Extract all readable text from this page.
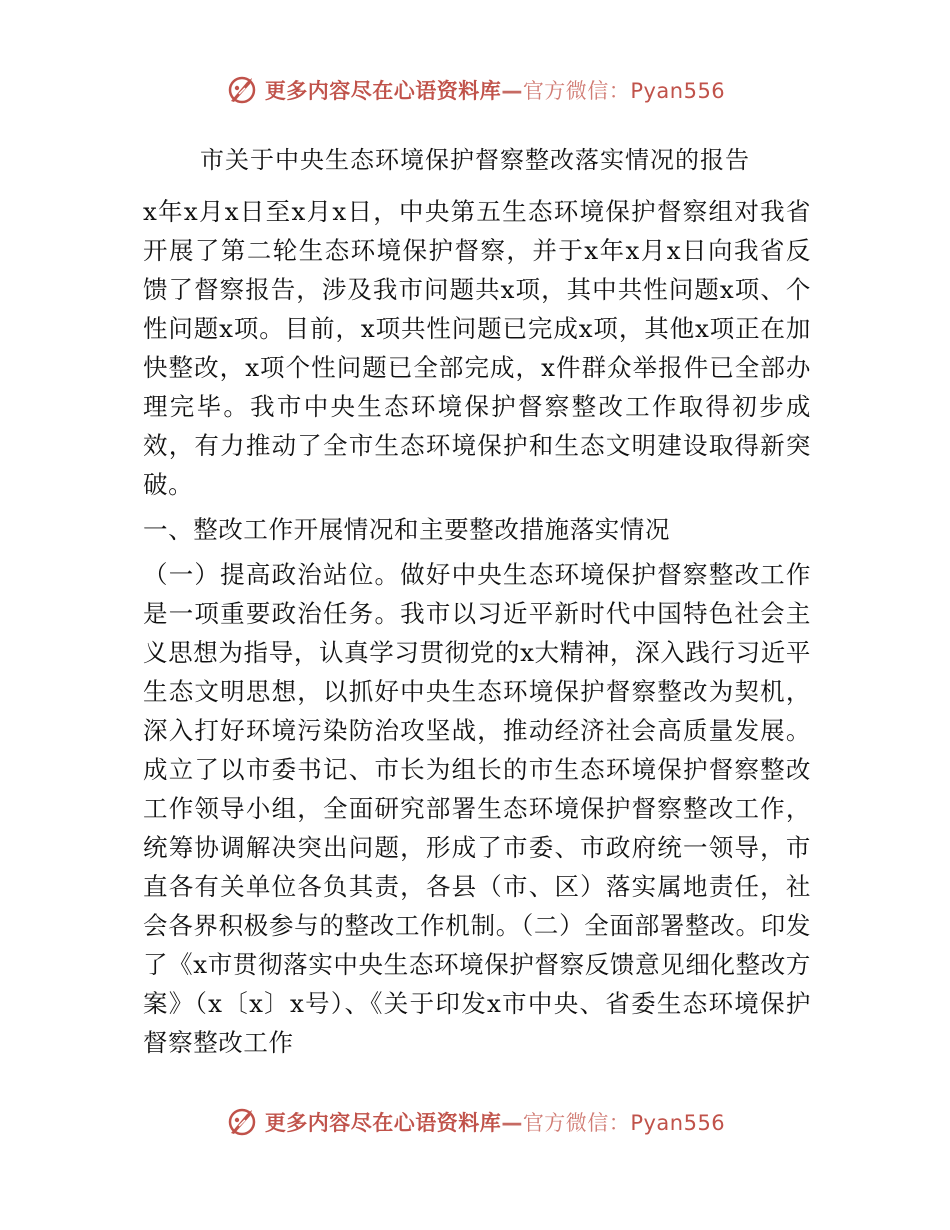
更多内容尽在心语资料库—官方微信：Pyan556
市关于中央生态环境保护督察整改落实情况的报告

x年x月x日至x月x日，中央第五生态环境保护督察组对我省开展了第二轮生态环境保护督察，并于x年x月x日向我省反馈了督察报告，涉及我市问题共x项，其中共性问题x项、个性问题x项。目前，x项共性问题已完成x项，其他x项正在加快整改，x项个性问题已全部完成，x件群众举报件已全部办理完毕。我市中央生态环境保护督察整改工作取得初步成效，有力推动了全市生态环境保护和生态文明建设取得新突破。

一、整改工作开展情况和主要整改措施落实情况

（一）提高政治站位。做好中央生态环境保护督察整改工作是一项重要政治任务。我市以习近平新时代中国特色社会主义思想为指导，认真学习贯彻党的x大精神，深入践行习近平生态文明思想，以抓好中央生态环境保护督察整改为契机，深入打好环境污染防治攻坚战，推动经济社会高质量发展。成立了以市委书记、市长为组长的市生态环境保护督察整改工作领导小组，全面研究部署生态环境保护督察整改工作，统筹协调解决突出问题，形成了市委、市政府统一领导，市直各有关单位各负其责，各县（市、区）落实属地责任，社会各界积极参与的整改工作机制。（二）全面部署整改。印发了《x市贯彻落实中央生态环境保护督察反馈意见细化整改方案》（x〔x〕x号）、《关于印发x市中央、省委生态环境保护督察整改工作

更多内容尽在心语资料库—官方微信：Pyan556
